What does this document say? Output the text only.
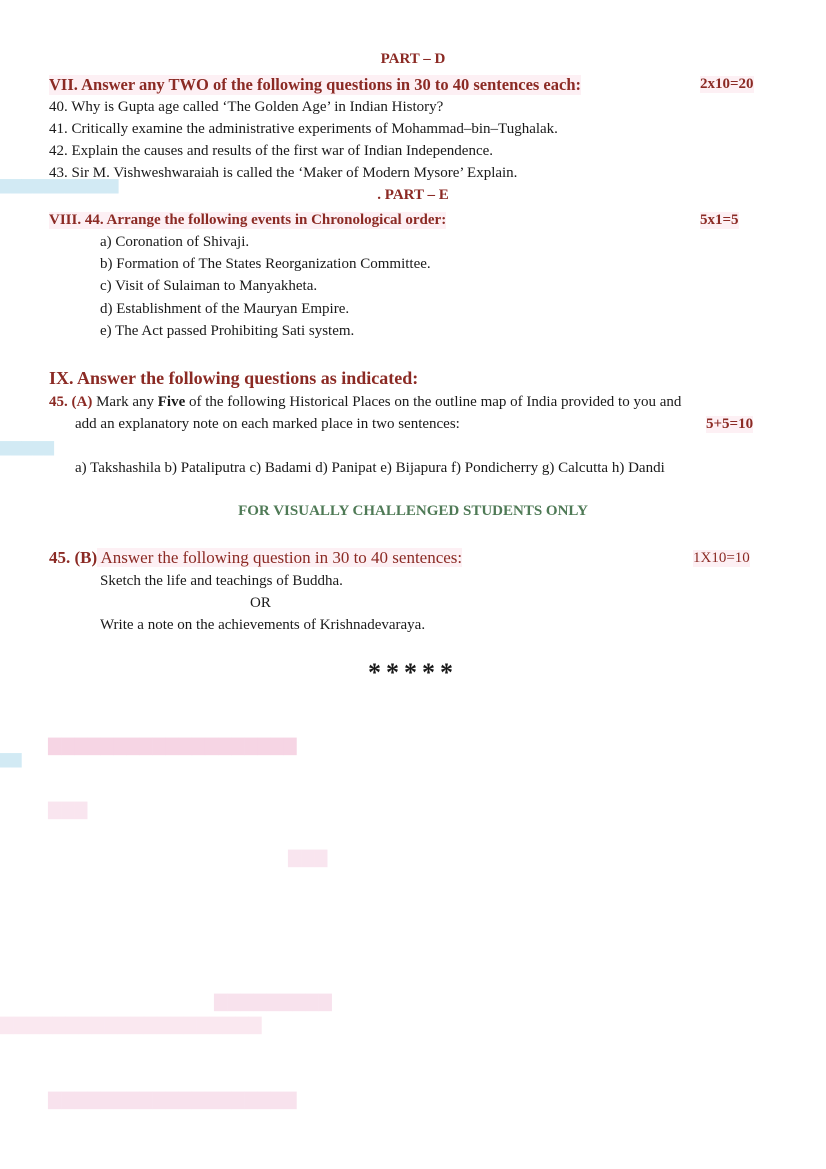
▇▇▇▇▇▇▇▇▇▇▇▇▇▇▇▇▇▇▇
▇▇▇
▇▇▇
▇▇▇▇▇▇▇▇▇
▇▇▇▇▇▇▇▇▇▇▇▇▇▇▇▇▇▇▇▇
▇▇▇▇▇▇▇▇▇▇▇▇▇▇▇▇▇▇▇
▇▇▇▇▇▇▇▇▇▇▇
▇▇▇▇▇
▇▇
PART – D
VII. Answer any TWO of the following questions in 30 to 40 sentences each:	2x10=20
40. Why is Gupta age called ‘The Golden Age’ in Indian History?
41. Critically examine the administrative experiments of Mohammad–bin–Tughalak.
42. Explain the causes and results of the first war of Indian Independence.
43. Sir M. Vishweshwaraiah is called the ‘Maker of Modern Mysore’ Explain.
. PART – E
VIII. 44. Arrange the following events in Chronological order:	5x1=5
a) Coronation of Shivaji.
b) Formation of The States Reorganization Committee.
c) Visit of Sulaiman to Manyakheta.
d) Establishment of the Mauryan Empire.
e) The Act passed Prohibiting Sati system.
IX. Answer the following questions as indicated:
45. (A) Mark any Five of the following Historical Places on the outline map of India provided to you and
add an explanatory note on each marked place in two sentences:	5+5=10
a) Takshashila b) Pataliputra c) Badami d) Panipat e) Bijapura f) Pondicherry g) Calcutta h) Dandi
FOR VISUALLY CHALLENGED STUDENTS ONLY
45. (B) Answer the following question in 30 to 40 sentences:	1X10=10
Sketch the life and teachings of Buddha.
OR
Write a note on the achievements of Krishnadevaraya.
*****
